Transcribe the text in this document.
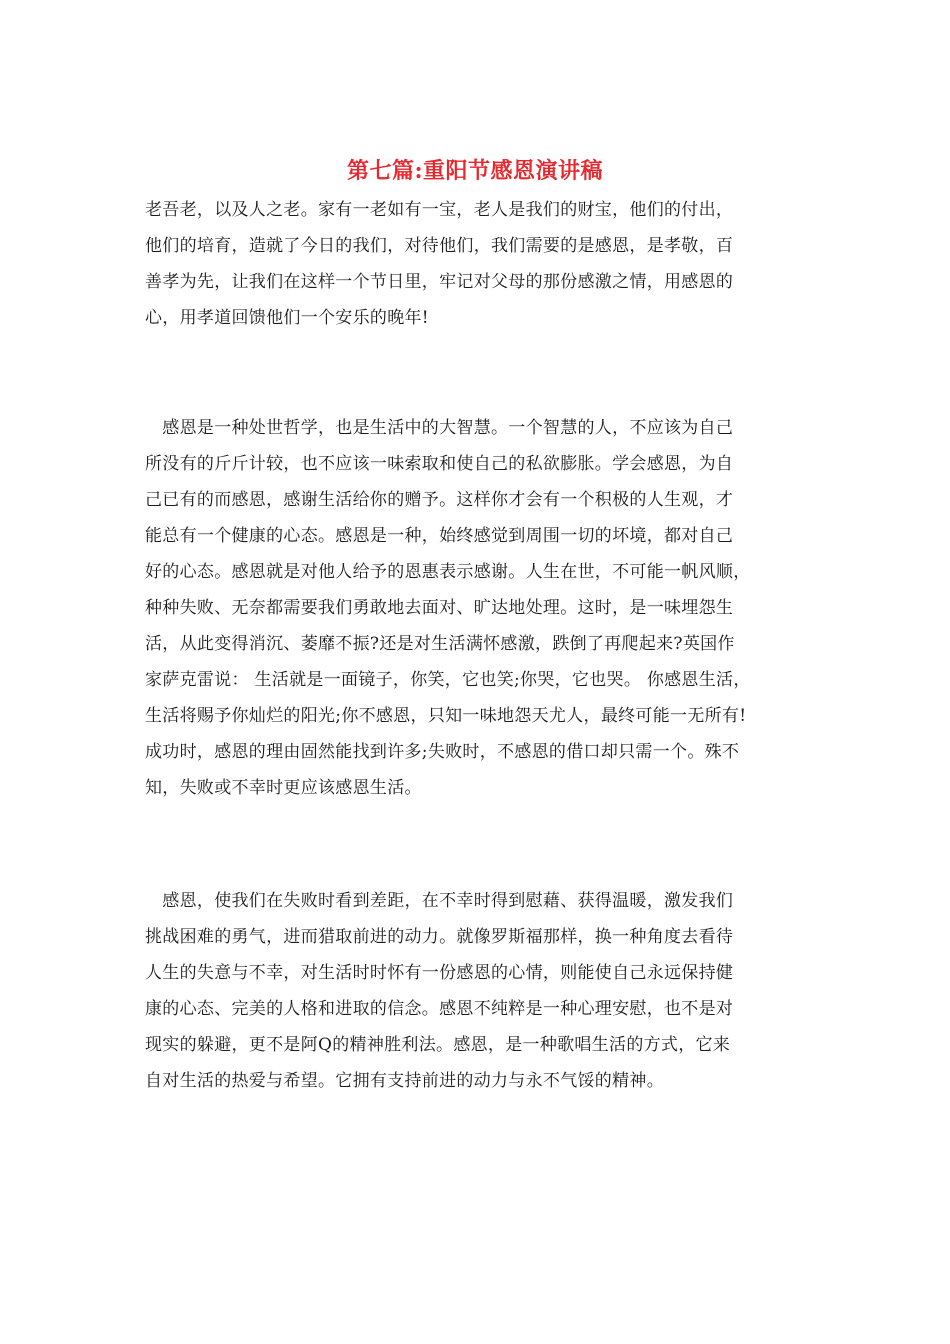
第七篇:重阳节感恩演讲稿
老吾老，以及人之老。家有一老如有一宝，老人是我们的财宝，他们的付出，
他们的培育，造就了今日的我们，对待他们，我们需要的是感恩，是孝敬，百
善孝为先，让我们在这样一个节日里，牢记对父母的那份感激之情，用感恩的
心，用孝道回馈他们一个安乐的晚年!
　感恩是一种处世哲学，也是生活中的大智慧。一个智慧的人，不应该为自己
所没有的斤斤计较，也不应该一味索取和使自己的私欲膨胀。学会感恩，为自
己已有的而感恩，感谢生活给你的赠予。这样你才会有一个积极的人生观，才
能总有一个健康的心态。感恩是一种，始终感觉到周围一切的坏境，都对自己
好的心态。感恩就是对他人给予的恩惠表示感谢。人生在世，不可能一帆风顺，
种种失败、无奈都需要我们勇敢地去面对、旷达地处理。这时，是一味埋怨生
活，从此变得消沉、萎靡不振?还是对生活满怀感激，跌倒了再爬起来?英国作
家萨克雷说： 生活就是一面镜子，你笑，它也笑;你哭，它也哭。 你感恩生活，
生活将赐予你灿烂的阳光;你不感恩，只知一味地怨天尤人，最终可能一无所有!
成功时，感恩的理由固然能找到许多;失败时，不感恩的借口却只需一个。殊不
知，失败或不幸时更应该感恩生活。
　感恩，使我们在失败时看到差距，在不幸时得到慰藉、获得温暖，激发我们
挑战困难的勇气，进而猎取前进的动力。就像罗斯福那样，换一种角度去看待
人生的失意与不幸，对生活时时怀有一份感恩的心情，则能使自己永远保持健
康的心态、完美的人格和进取的信念。感恩不纯粹是一种心理安慰，也不是对
现实的躲避，更不是阿Q的精神胜利法。感恩，是一种歌唱生活的方式，它来
自对生活的热爱与希望。它拥有支持前进的动力与永不气馁的精神。
